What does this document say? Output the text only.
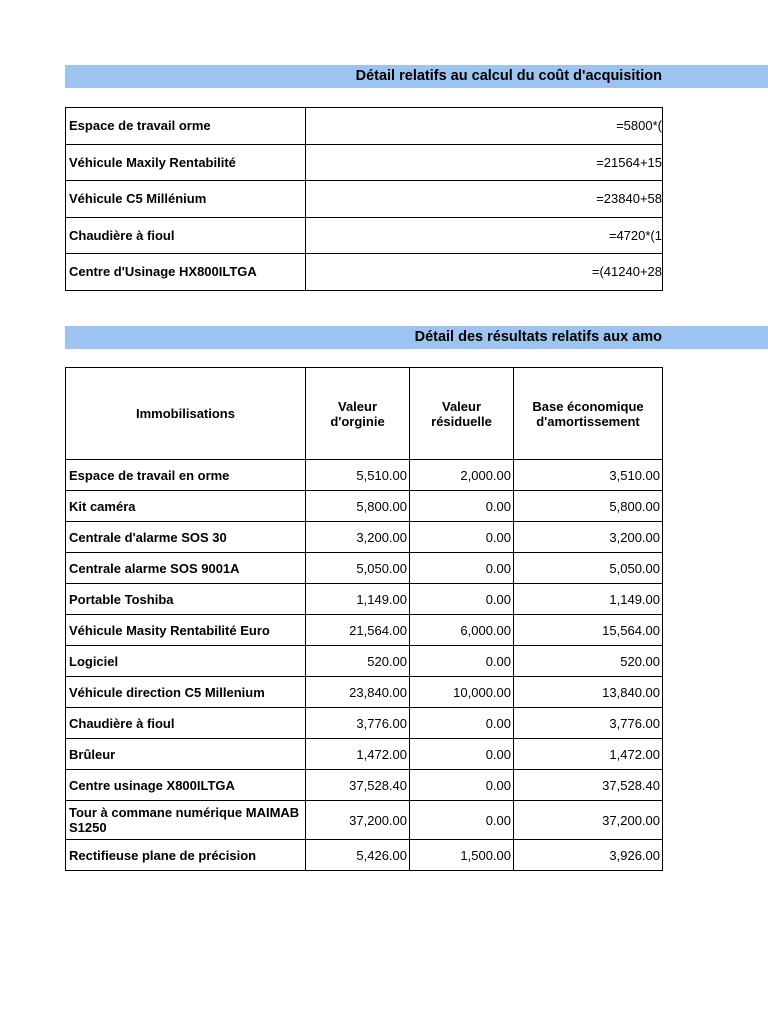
Détail relatifs au calcul du coût d'acquisition
Espace de travail orme	=5800*(
Véhicule Maxily Rentabilité	=21564+15
Véhicule C5 Millénium	=23840+58
Chaudière à fioul	=4720*(1
Centre d'Usinage HX800ILTGA	=(41240+28
Détail des résultats relatifs aux amo
Immobilisations	Valeur d'orginie	Valeur résiduelle	Base économique d'amortissement
Espace de travail en orme	5,510.00	2,000.00	3,510.00
Kit caméra	5,800.00	0.00	5,800.00
Centrale d'alarme SOS 30	3,200.00	0.00	3,200.00
Centrale alarme SOS 9001A	5,050.00	0.00	5,050.00
Portable Toshiba	1,149.00	0.00	1,149.00
Véhicule Masity Rentabilité Euro	21,564.00	6,000.00	15,564.00
Logiciel	520.00	0.00	520.00
Véhicule direction C5 Millenium	23,840.00	10,000.00	13,840.00
Chaudière à fioul	3,776.00	0.00	3,776.00
Brûleur	1,472.00	0.00	1,472.00
Centre usinage X800ILTGA	37,528.40	0.00	37,528.40
Tour à commane numérique MAIMAB S1250	37,200.00	0.00	37,200.00
Rectifieuse plane de précision	5,426.00	1,500.00	3,926.00
